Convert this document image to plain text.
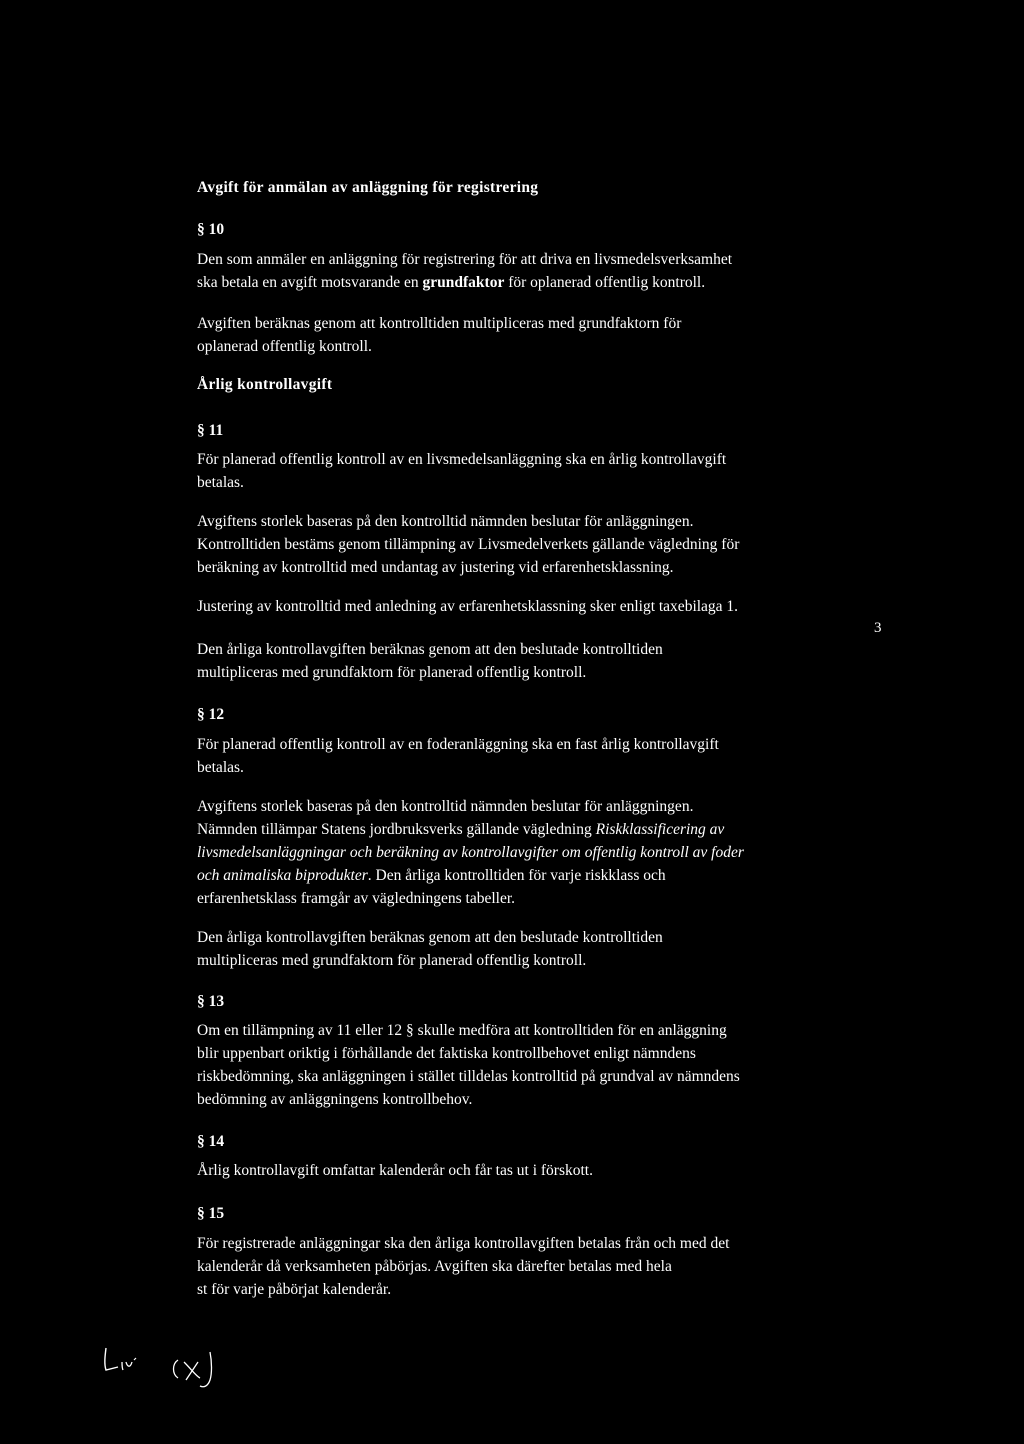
Avgift för anmälan av anläggning för registrering
§ 10
Den som anmäler en anläggning för registrering för att driva en livsmedelsverksamhet
ska betala en avgift motsvarande en grundfaktor för oplanerad offentlig kontroll.
Avgiften beräknas genom att kontrolltiden multipliceras med grundfaktorn för
oplanerad offentlig kontroll.
Årlig kontrollavgift
§ 11
För planerad offentlig kontroll av en livsmedelsanläggning ska en årlig kontrollavgift
betalas.
Avgiftens storlek baseras på den kontrolltid nämnden beslutar för anläggningen.
Kontrolltiden bestäms genom tillämpning av Livsmedelverkets gällande vägledning för
beräkning av kontrolltid med undantag av justering vid erfarenhetsklassning.
Justering av kontrolltid med anledning av erfarenhetsklassning sker enligt taxebilaga 1.
Den årliga kontrollavgiften beräknas genom att den beslutade kontrolltiden
multipliceras med grundfaktorn för planerad offentlig kontroll.
§ 12
För planerad offentlig kontroll av en foderanläggning ska en fast årlig kontrollavgift
betalas.
Avgiftens storlek baseras på den kontrolltid nämnden beslutar för anläggningen.
Nämnden tillämpar Statens jordbruksverks gällande vägledning Riskklassificering av
livsmedelsanläggningar och beräkning av kontrollavgifter om offentlig kontroll av foder
och animaliska biprodukter. Den årliga kontrolltiden för varje riskklass och
erfarenhetsklass framgår av vägledningens tabeller.
Den årliga kontrollavgiften beräknas genom att den beslutade kontrolltiden
multipliceras med grundfaktorn för planerad offentlig kontroll.
§ 13
Om en tillämpning av 11 eller 12 § skulle medföra att kontrolltiden för en anläggning
blir uppenbart oriktig i förhållande det faktiska kontrollbehovet enligt nämndens
riskbedömning, ska anläggningen i stället tilldelas kontrolltid på grundval av nämndens
bedömning av anläggningens kontrollbehov.
§ 14
Årlig kontrollavgift omfattar kalenderår och får tas ut i förskott.
§ 15
För registrerade anläggningar ska den årliga kontrollavgiften betalas från och med det
kalenderår då verksamheten påbörjas. Avgiften ska därefter betalas med hela
st för varje påbörjat kalenderår.
3
